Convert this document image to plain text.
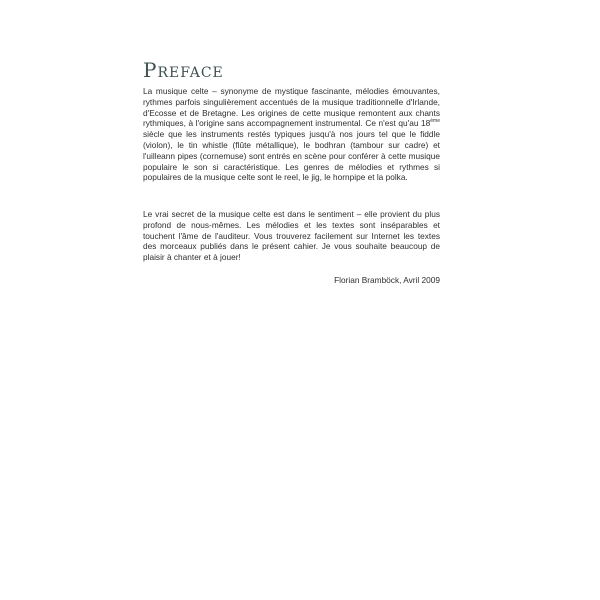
Preface

La musique celte – synonyme de mystique fascinante, mélodies émouvantes, rythmes parfois singulièrement accentués de la musique traditionnelle d'Irlande, d'Ecosse et de Bretagne. Les origines de cette musique remontent aux chants rythmiques, à l'origine sans accompagnement instrumental. Ce n'est qu'au 18ème siècle que les instruments restés typiques jusqu'à nos jours tel que le fiddle (violon), le tin whistle (flûte métallique), le bodhran (tambour sur cadre) et l'uilleann pipes (cornemuse) sont entrés en scène pour conférer à cette musique populaire le son si caractéristique. Les genres de mélodies et rythmes si populaires de la musique celte sont le reel, le jig, le hornpipe et la polka.

Le vrai secret de la musique celte est dans le sentiment – elle provient du plus profond de nous-mêmes. Les mélodies et les textes sont inséparables et touchent l'âme de l'auditeur. Vous trouverez facilement sur Internet les textes des morceaux publiés dans le présent cahier. Je vous souhaite beaucoup de plaisir à chanter et à jouer!

Florian Bramböck, Avril 2009
